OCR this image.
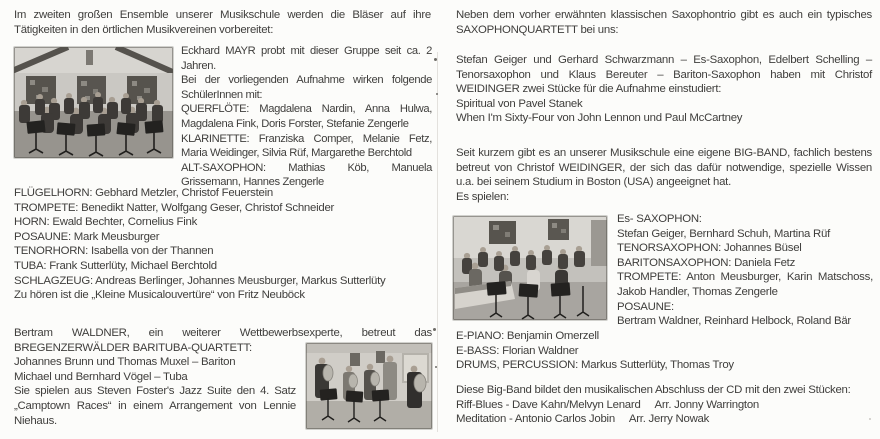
Im zweiten großen Ensemble unserer Musikschule werden die Bläser auf ihre Tätigkeiten in den örtlichen Musikvereinen vorbereitet:
Eckhard MAYR probt mit dieser Gruppe seit ca. 2 Jahren.
Bei der vorliegenden Aufnahme wirken folgende SchülerInnen mit:
QUERFLÖTE: Magdalena Nardin, Anna Hulwa, Magdalena Fink, Doris Forster, Stefanie Zengerle
KLARINETTE: Franziska Comper, Melanie Fetz, Maria Weidinger, Silvia Rüf, Margarethe Berchtold
ALT-SAXOPHON: Mathias Köb, Manuela Grissemann, Hannes Zengerle
FLÜGELHORN: Gebhard Metzler, Christof Feuerstein
TROMPETE: Benedikt Natter, Wolfgang Geser, Christof Schneider
HORN: Ewald Bechter, Cornelius Fink
POSAUNE: Mark Meusburger
TENORHORN: Isabella von der Thannen
TUBA: Frank Sutterlüty, Michael Berchtold
SCHLAGZEUG: Andreas Berlinger, Johannes Meusburger, Markus Sutterlüty
Zu hören ist die „Kleine Musicalouvertüre“ von Fritz Neuböck
Bertram WALDNER, ein weiterer Wettbewerbsexperte, betreut das
BREGENZERWÄLDER BARITUBA-QUARTETT:
Johannes Brunn und Thomas Muxel – Bariton
Michael und Bernhard Vögel – Tuba
Sie spielen aus Steven Foster's Jazz Suite den 4. Satz „Camptown Races“ in einem Arrangement von Lennie Niehaus.
Neben dem vorher erwähnten klassischen Saxophontrio gibt es auch ein typisches SAXOPHONQUARTETT bei uns:
Stefan Geiger und Gerhard Schwarzmann – Es-Saxophon, Edelbert Schelling – Tenorsaxophon und Klaus Bereuter – Bariton-Saxophon haben mit Christof WEIDINGER zwei Stücke für die Aufnahme einstudiert:
Spiritual von Pavel Stanek
When I'm Sixty-Four von John Lennon und Paul McCartney
Seit kurzem gibt es an unserer Musikschule eine eigene BIG-BAND, fachlich bestens betreut von Christof WEIDINGER, der sich das dafür notwendige, spezielle Wissen u.a. bei seinem Studium in Boston (USA) angeeignet hat.
Es spielen:
Es- SAXOPHON:
Stefan Geiger, Bernhard Schuh, Martina Rüf
TENORSAXOPHON: Johannes Büsel
BARITONSAXOPHON: Daniela Fetz
TROMPETE: Anton Meusburger, Karin Matschoss, Jakob Handler, Thomas Zengerle
POSAUNE:
Bertram Waldner, Reinhard Helbock, Roland Bär
E-PIANO: Benjamin Omerzell
E-BASS: Florian Waldner
DRUMS, PERCUSSION: Markus Sutterlüty, Thomas Troy
Diese Big-Band bildet den musikalischen Abschluss der CD mit den zwei Stücken:
Riff-Blues - Dave Kahn/Melvyn Lenard Arr. Jonny Warrington
Meditation - Antonio Carlos Jobin Arr. Jerry Nowak
